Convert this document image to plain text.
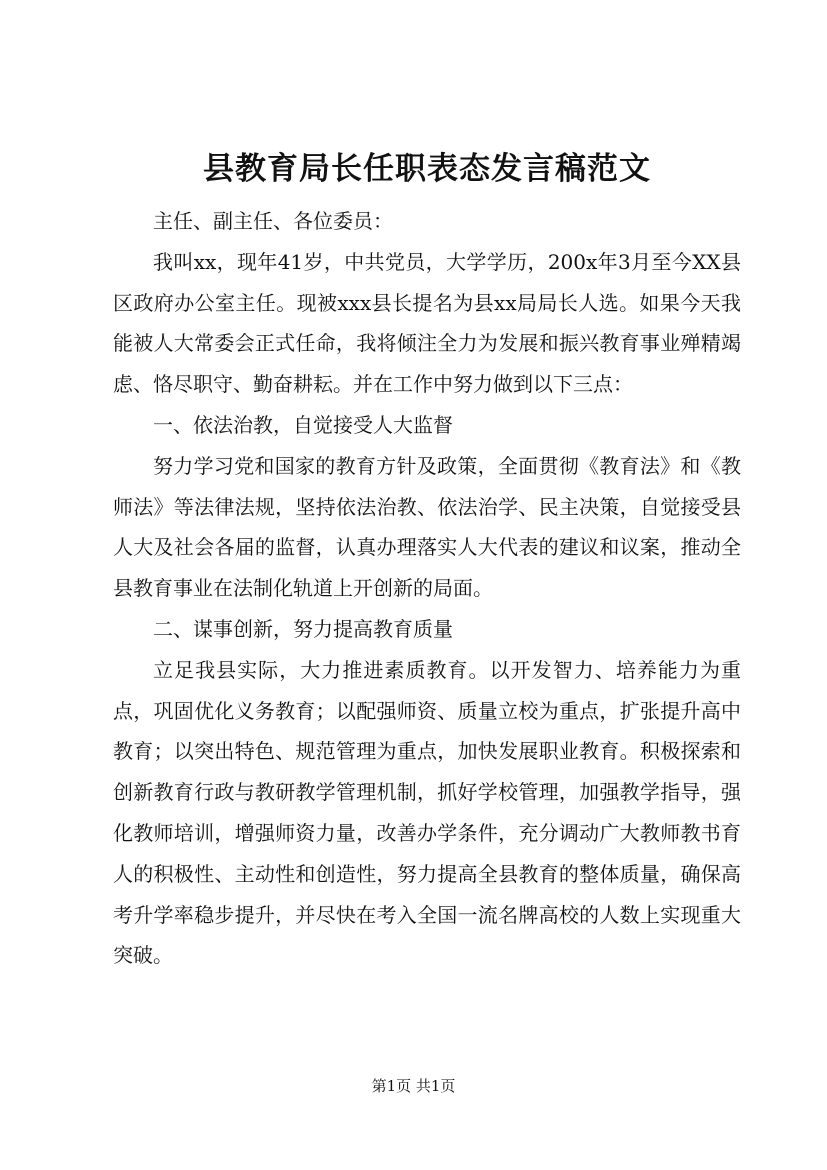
县教育局长任职表态发言稿范文

主任、副主任、各位委员：

我叫xx，现年41岁，中共党员，大学学历，200x年3月至今XX县区政府办公室主任。现被xxx县长提名为县xx局局长人选。如果今天我能被人大常委会正式任命，我将倾注全力为发展和振兴教育事业殚精竭虑、恪尽职守、勤奋耕耘。并在工作中努力做到以下三点：

一、依法治教，自觉接受人大监督

努力学习党和国家的教育方针及政策，全面贯彻《教育法》和《教师法》等法律法规，坚持依法治教、依法治学、民主决策，自觉接受县人大及社会各届的监督，认真办理落实人大代表的建议和议案，推动全县教育事业在法制化轨道上开创新的局面。

二、谋事创新，努力提高教育质量

立足我县实际，大力推进素质教育。以开发智力、培养能力为重点，巩固优化义务教育；以配强师资、质量立校为重点，扩张提升高中教育；以突出特色、规范管理为重点，加快发展职业教育。积极探索和创新教育行政与教研教学管理机制，抓好学校管理，加强教学指导，强化教师培训，增强师资力量，改善办学条件，充分调动广大教师教书育人的积极性、主动性和创造性，努力提高全县教育的整体质量，确保高考升学率稳步提升，并尽快在考入全国一流名牌高校的人数上实现重大突破。

第1页 共1页
